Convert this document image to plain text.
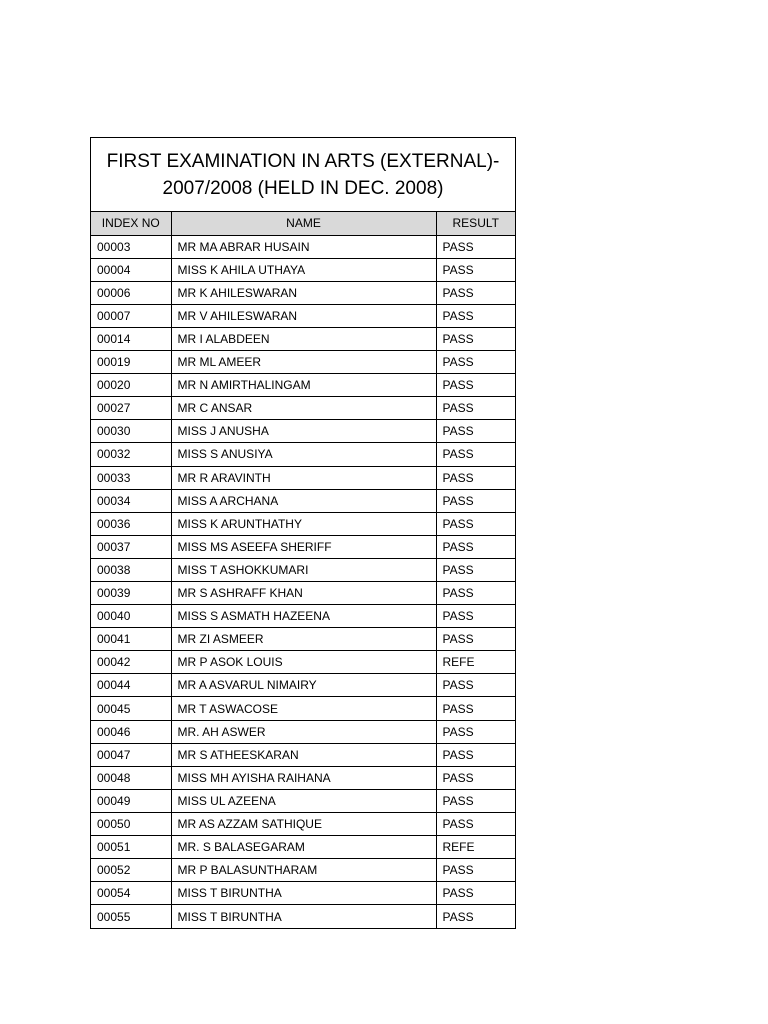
FIRST EXAMINATION IN ARTS (EXTERNAL)-
2007/2008 (HELD IN DEC. 2008)
INDEX NO	NAME	RESULT
00003	MR MA ABRAR HUSAIN	PASS
00004	MISS K AHILA UTHAYA	PASS
00006	MR K AHILESWARAN	PASS
00007	MR V AHILESWARAN	PASS
00014	MR I ALABDEEN	PASS
00019	MR ML AMEER	PASS
00020	MR N AMIRTHALINGAM	PASS
00027	MR C ANSAR	PASS
00030	MISS J ANUSHA	PASS
00032	MISS S ANUSIYA	PASS
00033	MR R ARAVINTH	PASS
00034	MISS A ARCHANA	PASS
00036	MISS K ARUNTHATHY	PASS
00037	MISS MS ASEEFA SHERIFF	PASS
00038	MISS T ASHOKKUMARI	PASS
00039	MR S ASHRAFF KHAN	PASS
00040	MISS S ASMATH HAZEENA	PASS
00041	MR ZI ASMEER	PASS
00042	MR P ASOK LOUIS	REFE
00044	MR A ASVARUL NIMAIRY	PASS
00045	MR T ASWACOSE	PASS
00046	MR. AH ASWER	PASS
00047	MR S ATHEESKARAN	PASS
00048	MISS MH AYISHA RAIHANA	PASS
00049	MISS UL AZEENA	PASS
00050	MR AS AZZAM SATHIQUE	PASS
00051	MR. S BALASEGARAM	REFE
00052	MR P BALASUNTHARAM	PASS
00054	MISS T BIRUNTHA	PASS
00055	MISS T BIRUNTHA	PASS
